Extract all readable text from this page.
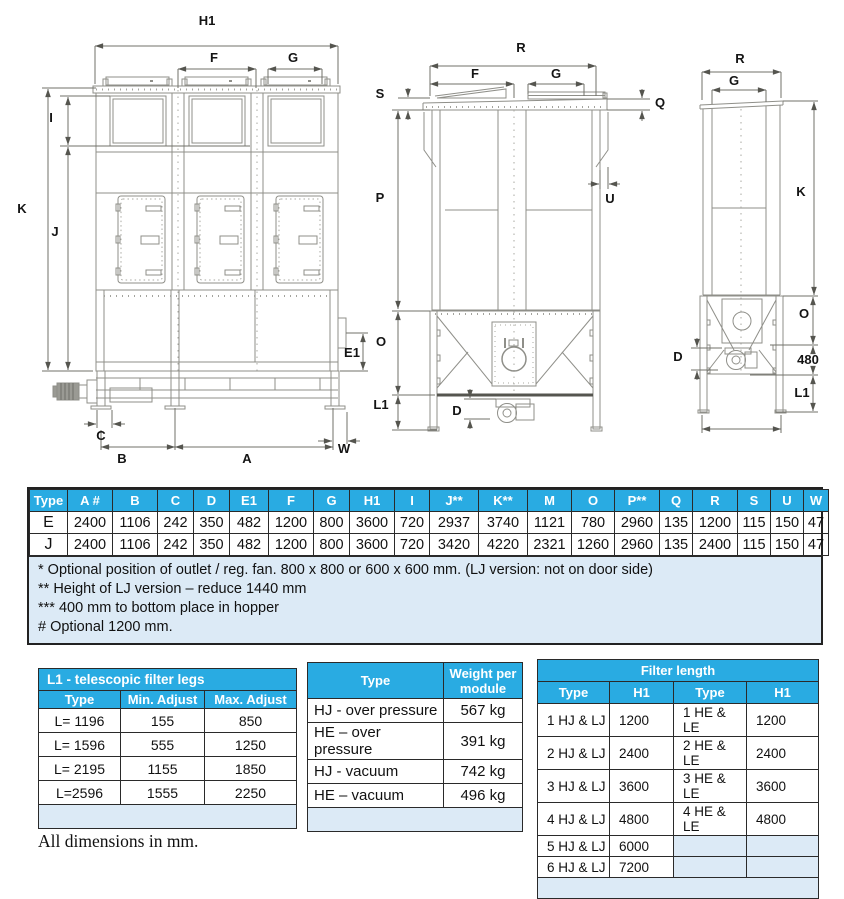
H1
F	G
I
K
J
E1
C
B	A
W
R
F	G
S
Q
P	U
O
L1	D
R
G
K
O
480
L1
D
Type	A #	B	C	D	E1	F	G	H1	I	J**	K**	M	O	P**	Q	R	S	U	W
E	2400	1106	242	350	482	1200	800	3600	720	2937	3740	1121	780	2960	135	1200	115	150	47
J	2400	1106	242	350	482	1200	800	3600	720	3420	4220	2321	1260	2960	135	2400	115	150	47
* Optional position of outlet / reg. fan. 800 x 800 or 600 x 600 mm. (LJ version: not on door side)
** Height of LJ version – reduce 1440 mm
*** 400 mm to bottom place in hopper
# Optional 1200 mm.
L1 - telescopic filter legs		
Type	Min. Adjust	Max. Adjust
L= 1196	155	850
L= 1596	555	1250
L= 2195	1155	1850
L=2596	1555	2250

Type	Weight per module
HJ - over pressure	567 kg
HE – over pressure	391 kg
HJ - vacuum	742 kg
HE – vacuum	496 kg

Filter length			
Type	H1	Type	H1
1 HJ & LJ	1200	1 HE & LE	1200
2 HJ & LJ	2400	2 HE & LE	2400
3 HJ & LJ	3600	3 HE & LE	3600
4 HJ & LJ	4800	4 HE & LE	4800
5 HJ & LJ	6000		
6 HJ & LJ	7200		

All dimensions in mm.
